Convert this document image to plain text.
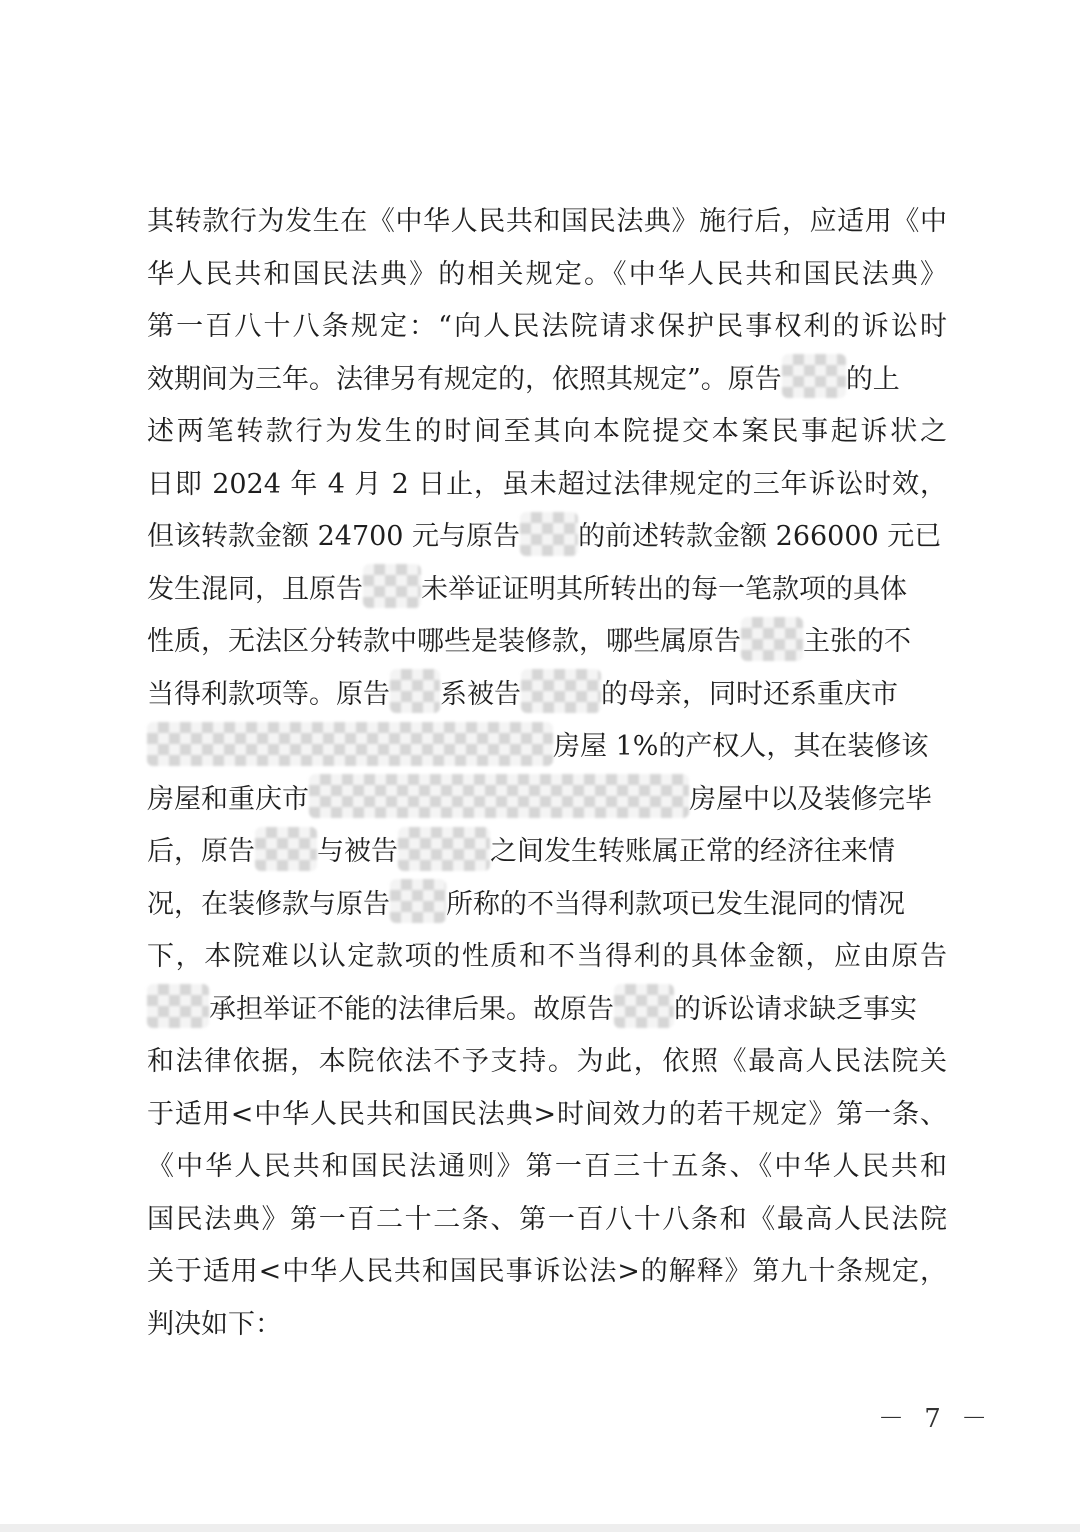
其转款行为发生在《中华人民共和国民法典》施行后，应适用《中
华人民共和国民法典》的相关规定。《中华人民共和国民法典》
第一百八十八条规定：“向人民法院请求保护民事权利的诉讼时
效期间为三年。法律另有规定的，依照其规定”。原告 的上
述两笔转款行为发生的时间至其向本院提交本案民事起诉状之
日即 2024 年 4 月 2 日止，虽未超过法律规定的三年诉讼时效，
但该转款金额 24700 元与原告 的前述转款金额 266000 元已
发生混同，且原告 未举证证明其所转出的每一笔款项的具体
性质，无法区分转款中哪些是装修款，哪些属原告 主张的不
当得利款项等。原告 系被告	的母亲，同时还系重庆市
房屋 1%的产权人，其在装修该
房屋和重庆市	房屋中以及装修完毕
后，原告 与被告	之间发生转账属正常的经济往来情
况，在装修款与原告 所称的不当得利款项已发生混同的情况
下，本院难以认定款项的性质和不当得利的具体金额，应由原告
承担举证不能的法律后果。故原告 的诉讼请求缺乏事实
和法律依据，本院依法不予支持。为此，依照《最高人民法院关
于适用<中华人民共和国民法典>时间效力的若干规定》第一条、
《中华人民共和国民法通则》第一百三十五条、《中华人民共和
国民法典》第一百二十二条、第一百八十八条和《最高人民法院
关于适用<中华人民共和国民事诉讼法>的解释》第九十条规定，
判决如下：
－ 7 －
